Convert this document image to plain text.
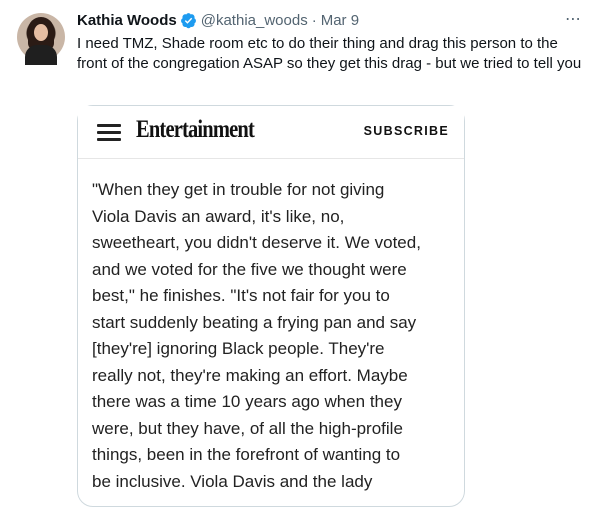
Kathia Woods @kathia_woods · Mar 9	⋯
I need TMZ, Shade room etc to do their thing and drag this person to the front of the congregation ASAP so they get this drag - but we tried to tell you

"When they get in trouble for not giving

Viola Davis an award, it's like, no,

sweetheart, you didn't deserve it. We voted,

and we voted for the five we thought were

best," he finishes. "It's not fair for you to

start suddenly beating a frying pan and say

[they're] ignoring Black people. They're

really not, they're making an effort. Maybe

there was a time 10 years ago when they

were, but they have, of all the high-profile

things, been in the forefront of wanting to

be inclusive. Viola Davis and the lady

Entertainment	SUBSCRIBE
